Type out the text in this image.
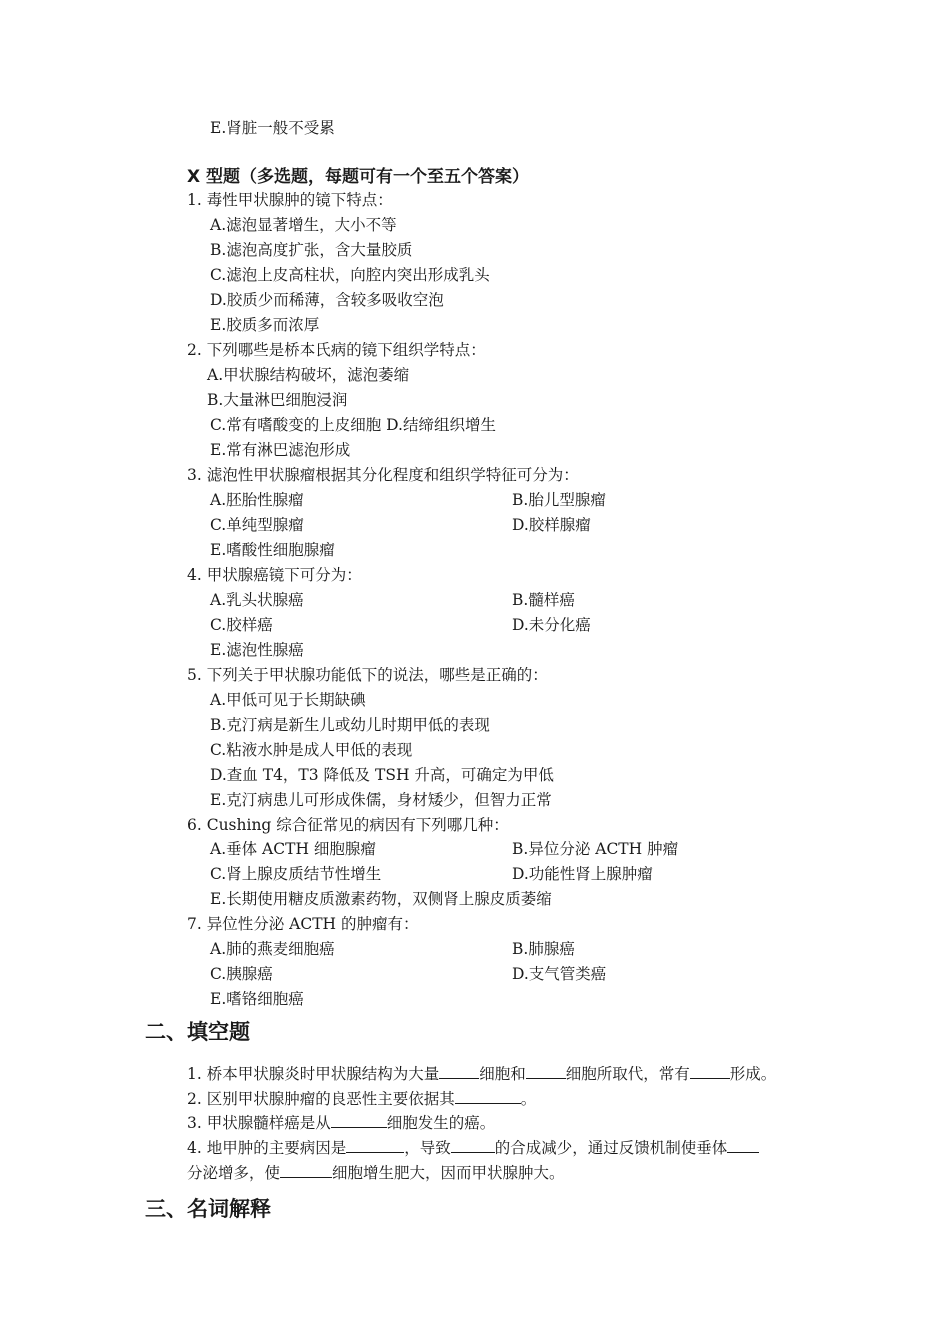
E.肾脏一般不受累
X 型题（多选题，每题可有一个至五个答案）
1. 毒性甲状腺肿的镜下特点：
A.滤泡显著增生，大小不等
B.滤泡高度扩张，含大量胶质
C.滤泡上皮高柱状，向腔内突出形成乳头
D.胶质少而稀薄，含较多吸收空泡
E.胶质多而浓厚
2. 下列哪些是桥本氏病的镜下组织学特点：
A.甲状腺结构破坏，滤泡萎缩
B.大量淋巴细胞浸润
C.常有嗜酸变的上皮细胞 D.结缔组织增生
E.常有淋巴滤泡形成
3. 滤泡性甲状腺瘤根据其分化程度和组织学特征可分为：
A.胚胎性腺瘤	B.胎儿型腺瘤
C.单纯型腺瘤	D.胶样腺瘤
E.嗜酸性细胞腺瘤
4. 甲状腺癌镜下可分为：
A.乳头状腺癌	B.髓样癌
C.胶样癌	D.未分化癌
E.滤泡性腺癌
5. 下列关于甲状腺功能低下的说法，哪些是正确的：
A.甲低可见于长期缺碘
B.克汀病是新生儿或幼儿时期甲低的表现
C.粘液水肿是成人甲低的表现
D.查血 T4，T3 降低及 TSH 升高，可确定为甲低
E.克汀病患儿可形成侏儒，身材矮少，但智力正常
6. Cushing 综合征常见的病因有下列哪几种：
A.垂体 ACTH 细胞腺瘤	B.异位分泌 ACTH 肿瘤
C.肾上腺皮质结节性增生	D.功能性肾上腺肿瘤
E.长期使用糖皮质激素药物，双侧肾上腺皮质萎缩
7. 异位性分泌 ACTH 的肿瘤有：
A.肺的燕麦细胞癌	B.肺腺癌
C.胰腺癌	D.支气管类癌
E.嗜铬细胞癌
二、填空题
1. 桥本甲状腺炎时甲状腺结构为大量	细胞和	细胞所取代，常有	形成。
2. 区别甲状腺肿瘤的良恶性主要依据其	。
3. 甲状腺髓样癌是从	细胞发生的癌。
4. 地甲肿的主要病因是	，导致	的合成减少，通过反馈机制使垂体
分泌增多，使	细胞增生肥大，因而甲状腺肿大。
三、名词解释
